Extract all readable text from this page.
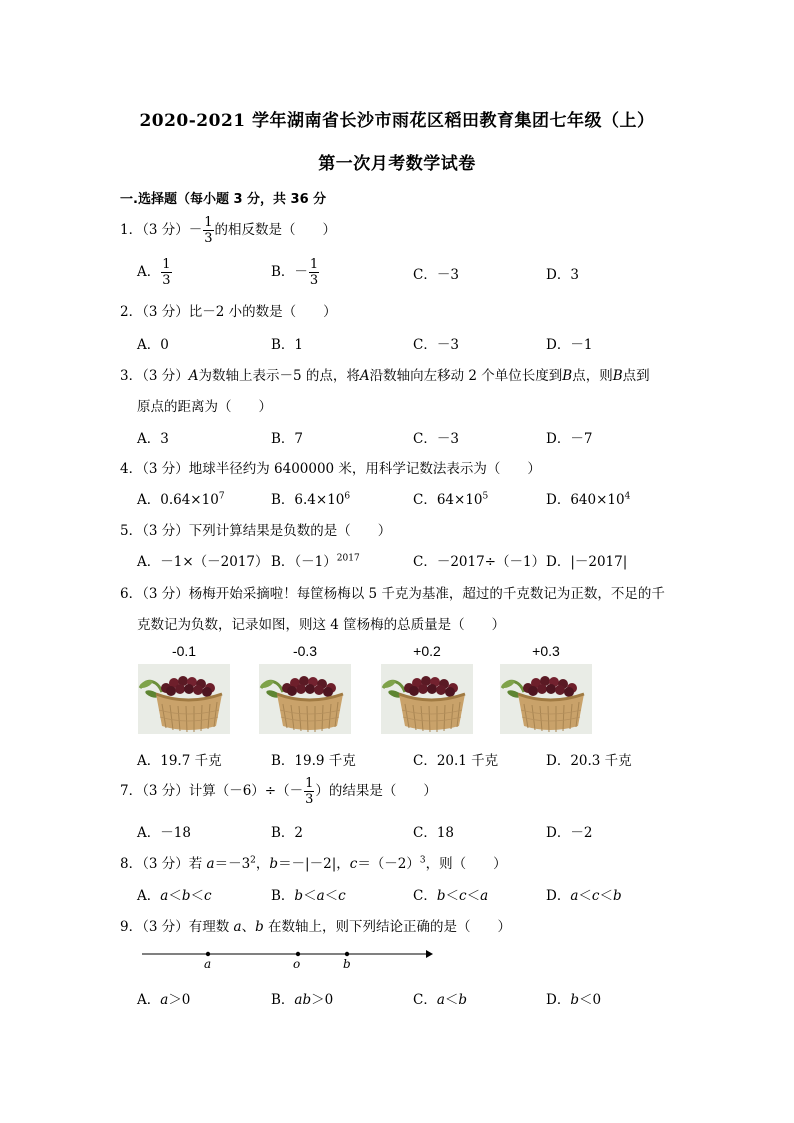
2020-2021 学年湖南省长沙市雨花区稻田教育集团七年级（上）
第一次月考数学试卷
一.选择题（每小题 3 分，共 36 分
1．（3 分）－ $\frac{1}{3}$ 的相反数是（　　）
A． $\frac{1}{3}$	B．－ $\frac{1}{3}$	C．－3	D．3
2．（3 分）比－2 小的数是（　　）
A．0	B．1	C．－3	D．－1
3．（3 分）A为数轴上表示－5 的点，将A沿数轴向左移动 2 个单位长度到B点，则B点到
原点的距离为（　　）
A．3	B．7	C．－3	D．－7
4．（3 分）地球半径约为 6400000 米，用科学记数法表示为（　　）
A．$0.64\times 10^7$	B．$6.4\times 10^6$	C．$64\times 10^5$	D．$640\times 10^4$
5．（3 分）下列计算结果是负数的是（　　）
A．－1×（－2017） B．$(-1)^{2017}$	C．－2017÷（－1） D．|－2017|
6．（3 分）杨梅开始采摘啦！每筐杨梅以 5 千克为基准，超过的千克数记为正数，不足的千
克数记为负数，记录如图，则这 4 筐杨梅的总质量是（　　）
-0.1	-0.3	+0.2	+0.3
A．19.7 千克	B．19.9 千克	C．20.1 千克	D．20.3 千克
7．（3 分）计算$(-6)\div(- \frac{1}{3}$ ）的结果是（　　）
A．－18	B．2	C．18	D．－2
8．（3 分）若 $a=-3^2$，b＝－|－2|，$c=(-2)^3$，则（　　）
A．a＜b＜c	B．b＜a＜c	C．b＜c＜a	D．a＜c＜b
9．（3 分）有理数 a、b 在数轴上，则下列结论正确的是（　　）
a	o	b
A．a＞0	B．ab＞0	C．a＜b	D．b＜0
